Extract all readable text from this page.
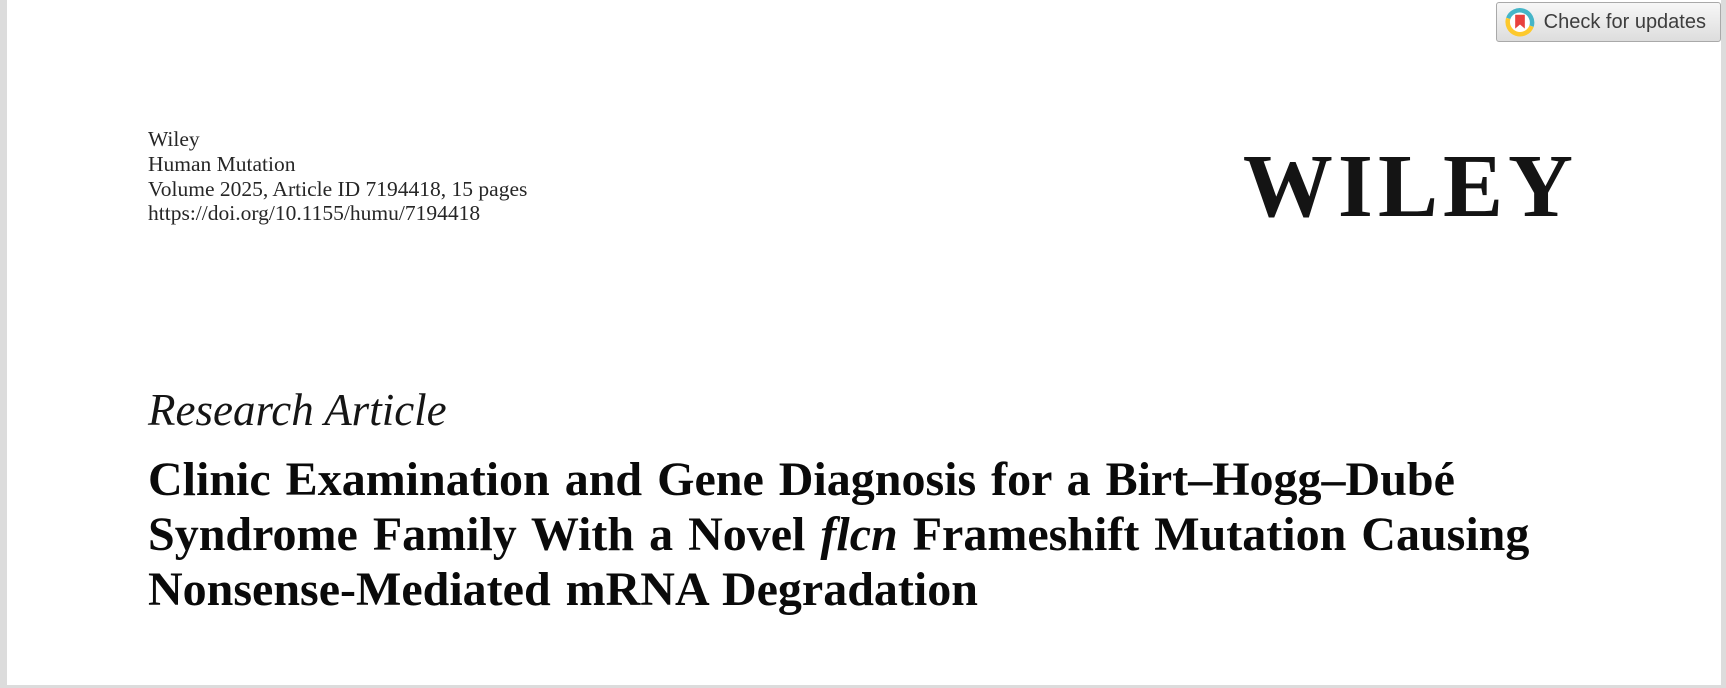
Check for updates
Wiley
Human Mutation
Volume 2025, Article ID 7194418, 15 pages
https://doi.org/10.1155/humu/7194418	WILEY
Research Article
Clinic Examination and Gene Diagnosis for a Birt–Hogg–Dubé
Syndrome Family With a Novel flcn Frameshift Mutation Causing
Nonsense-Mediated mRNA Degradation
